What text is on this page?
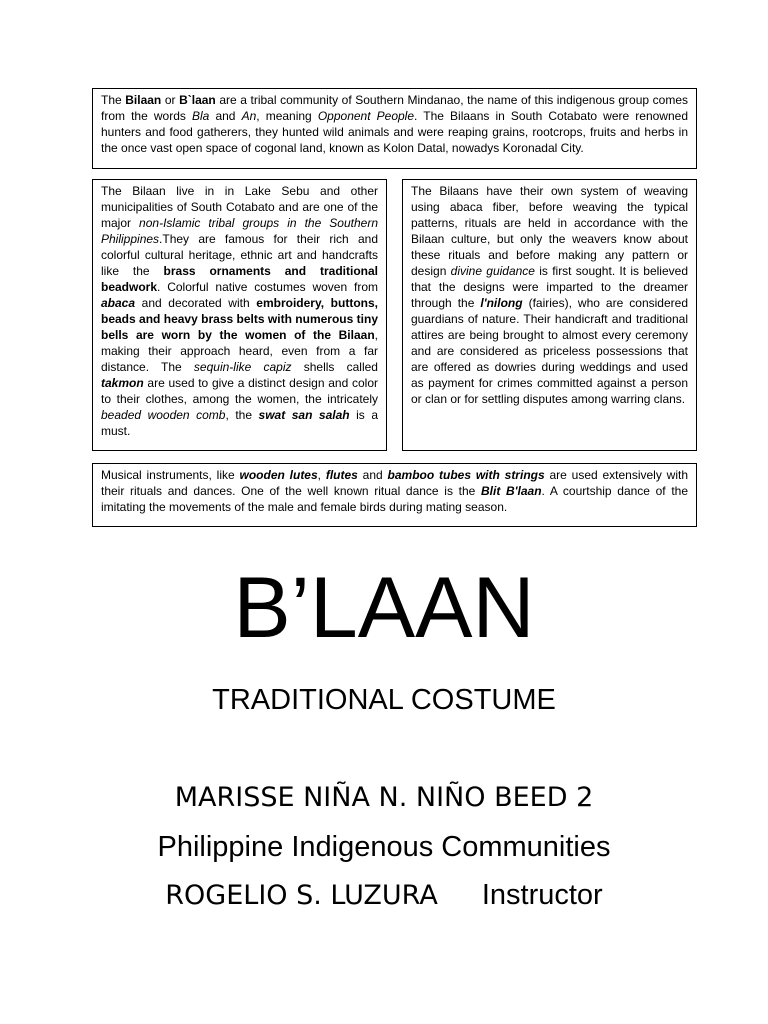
The Bilaan or B`laan are a tribal community of Southern Mindanao, the name of this indigenous group comes from the words Bla and An, meaning Opponent People. The Bilaans in South Cotabato were renowned hunters and food gatherers, they hunted wild animals and were reaping grains, rootcrops, fruits and herbs in the once vast open space of cogonal land, known as Kolon Datal, nowadys Koronadal City.

The Bilaan live in in Lake Sebu and other municipalities of South Cotabato and are one of the major non-Islamic tribal groups in the Southern Philippines.They are famous for their rich and colorful cultural heritage, ethnic art and handcrafts like the brass ornaments and traditional beadwork. Colorful native costumes woven from abaca and decorated with embroidery, buttons, beads and heavy brass belts with numerous tiny bells are worn by the women of the Bilaan, making their approach heard, even from a far distance. The sequin-like capiz shells called takmon are used to give a distinct design and color to their clothes, among the women, the intricately beaded wooden comb, the swat san salah is a must.

The Bilaans have their own system of weaving using abaca fiber, before weaving the typical patterns, rituals are held in accordance with the Bilaan culture, but only the weavers know about these rituals and before making any pattern or design divine guidance is first sought. It is believed that the designs were imparted to the dreamer through the l'nilong (fairies), who are considered guardians of nature. Their handicraft and traditional attires are being brought to almost every ceremony and are considered as priceless possessions that are offered as dowries during weddings and used as payment for crimes committed against a person or clan or for settling disputes among warring clans.

Musical instruments, like wooden lutes, flutes and bamboo tubes with strings are used extensively with their rituals and dances. One of the well known ritual dance is the Blit B'laan. A courtship dance of the imitating the movements of the male and female birds during mating season.

B’LAAN
TRADITIONAL COSTUME
MARISSE NIÑA N. NIÑO BEED 2
Philippine Indigenous Communities
ROGELIO S. LUZURA Instructor
